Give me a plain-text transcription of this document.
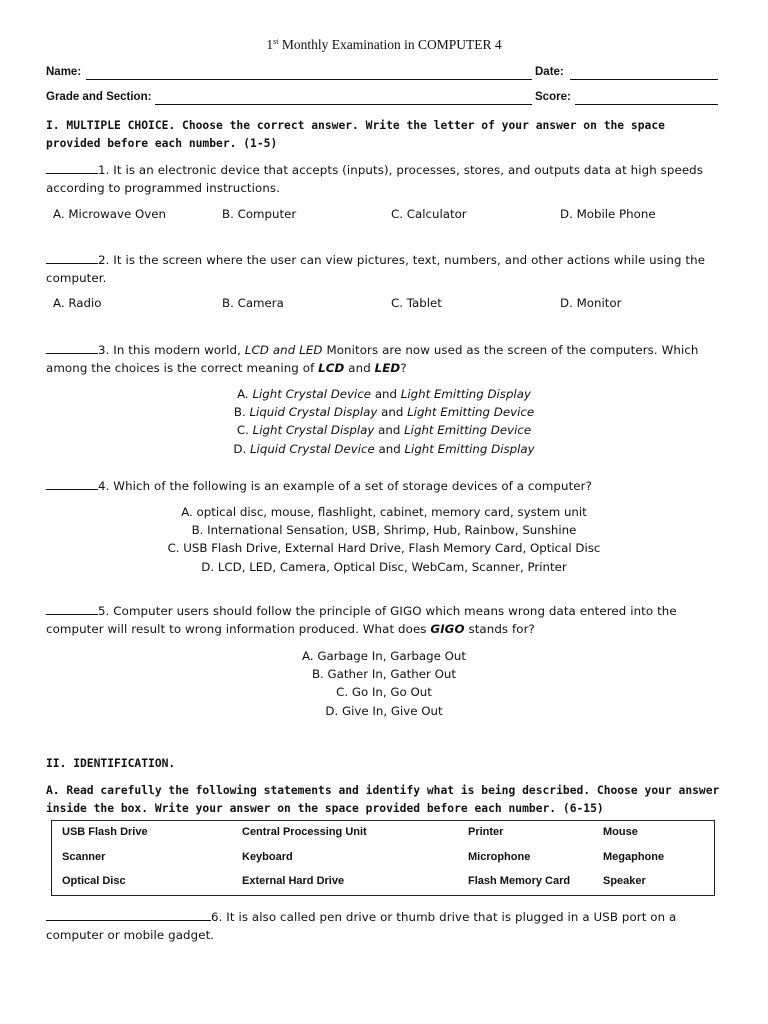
1st Monthly Examination in COMPUTER 4
Name:	Date:
Grade and Section:	Score:
I. MULTIPLE CHOICE. Choose the correct answer. Write the letter of your answer on the space provided before each number. (1-5)
1. It is an electronic device that accepts (inputs), processes, stores, and outputs data at high speeds according to programmed instructions.
A. Microwave Oven	B. Computer	C. Calculator	D. Mobile Phone
2. It is the screen where the user can view pictures, text, numbers, and other actions while using the computer.
A. Radio	B. Camera	C. Tablet	D. Monitor
3. In this modern world, LCD and LED Monitors are now used as the screen of the computers. Which among the choices is the correct meaning of LCD and LED?
A. Light Crystal Device and Light Emitting Display
B. Liquid Crystal Display and Light Emitting Device
C. Light Crystal Display and Light Emitting Device
D. Liquid Crystal Device and Light Emitting Display
4. Which of the following is an example of a set of storage devices of a computer?
A. optical disc, mouse, flashlight, cabinet, memory card, system unit
B. International Sensation, USB, Shrimp, Hub, Rainbow, Sunshine
C. USB Flash Drive, External Hard Drive, Flash Memory Card, Optical Disc
D. LCD, LED, Camera, Optical Disc, WebCam, Scanner, Printer
5. Computer users should follow the principle of GIGO which means wrong data entered into the computer will result to wrong information produced. What does GIGO stands for?
A. Garbage In, Garbage Out
B. Gather In, Gather Out
C. Go In, Go Out
D. Give In, Give Out
II. IDENTIFICATION.
A. Read carefully the following statements and identify what is being described. Choose your answer inside the box. Write your answer on the space provided before each number. (6-15)
USB Flash Drive	Central Processing Unit	Printer	Mouse
Scanner	Keyboard	Microphone	Megaphone
Optical Disc	External Hard Drive	Flash Memory Card	Speaker
6. It is also called pen drive or thumb drive that is plugged in a USB port on a computer or mobile gadget.
